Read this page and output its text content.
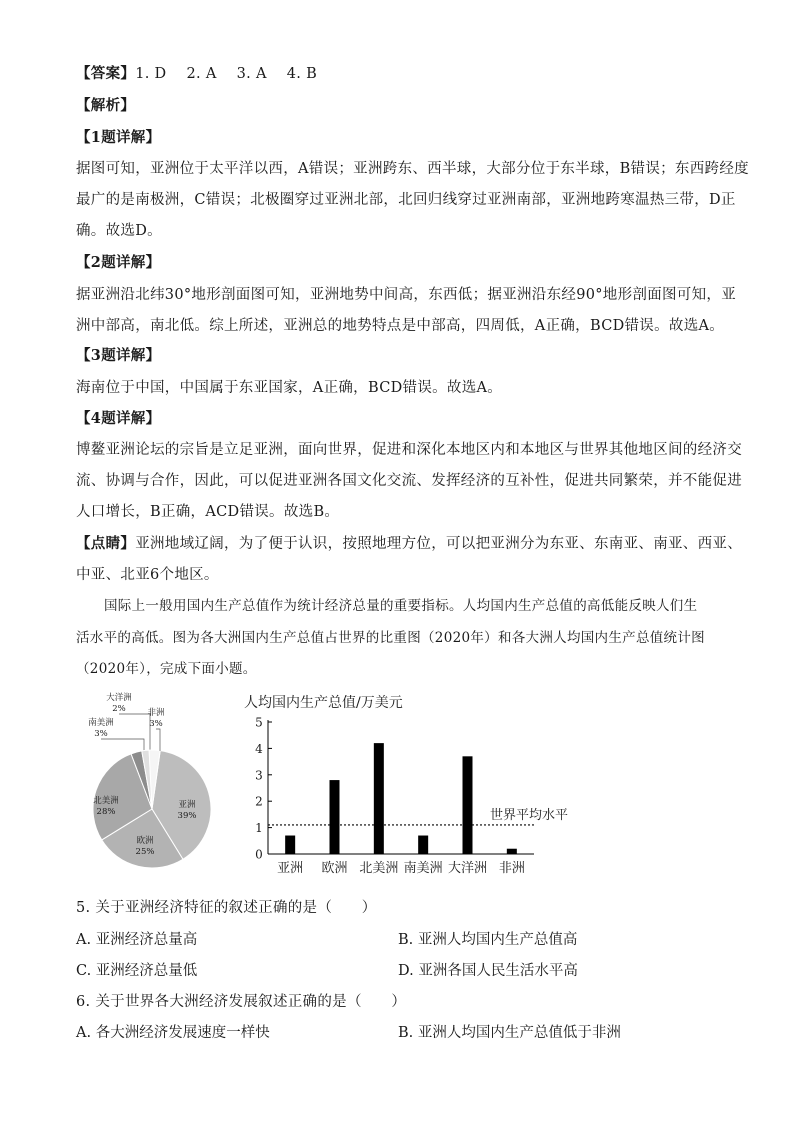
【答案】1. D 2. A 3. A 4. B
【解析】
【1题详解】
据图可知，亚洲位于太平洋以西，A错误；亚洲跨东、西半球，大部分位于东半球，B错误；东西跨经度
最广的是南极洲，C错误；北极圈穿过亚洲北部，北回归线穿过亚洲南部，亚洲地跨寒温热三带，D正
确。故选D。
【2题详解】
据亚洲沿北纬30°地形剖面图可知，亚洲地势中间高，东西低；据亚洲沿东经90°地形剖面图可知，亚
洲中部高，南北低。综上所述，亚洲总的地势特点是中部高，四周低，A正确，BCD错误。故选A。
【3题详解】
海南位于中国，中国属于东亚国家，A正确，BCD错误。故选A。
【4题详解】
博鳌亚洲论坛的宗旨是立足亚洲，面向世界，促进和深化本地区内和本地区与世界其他地区间的经济交
流、协调与合作，因此，可以促进亚洲各国文化交流、发挥经济的互补性，促进共同繁荣，并不能促进
人口增长，B正确，ACD错误。故选B。
【点睛】亚洲地域辽阔，为了便于认识，按照地理方位，可以把亚洲分为东亚、东南亚、南亚、西亚、
中亚、北亚6个地区。
国际上一般用国内生产总值作为统计经济总量的重要指标。人均国内生产总值的高低能反映人们生
活水平的高低。图为各大洲国内生产总值占世界的比重图（2020年）和各大洲人均国内生产总值统计图
（2020年），完成下面小题。
亚洲
39%
欧洲
25%
北美洲
28%
南美洲
3%
大洋洲
2%	非洲
3%
人均国内生产总值/万美元
0
1
2
3
4
5
亚洲 欧洲 北美洲 南美洲 大洋洲 非洲
世界平均水平
5. 关于亚洲经济特征的叙述正确的是（　　）
A. 亚洲经济总量高	B. 亚洲人均国内生产总值高
C. 亚洲经济总量低	D. 亚洲各国人民生活水平高
6. 关于世界各大洲经济发展叙述正确的是（　　）
A. 各大洲经济发展速度一样快	B. 亚洲人均国内生产总值低于非洲
